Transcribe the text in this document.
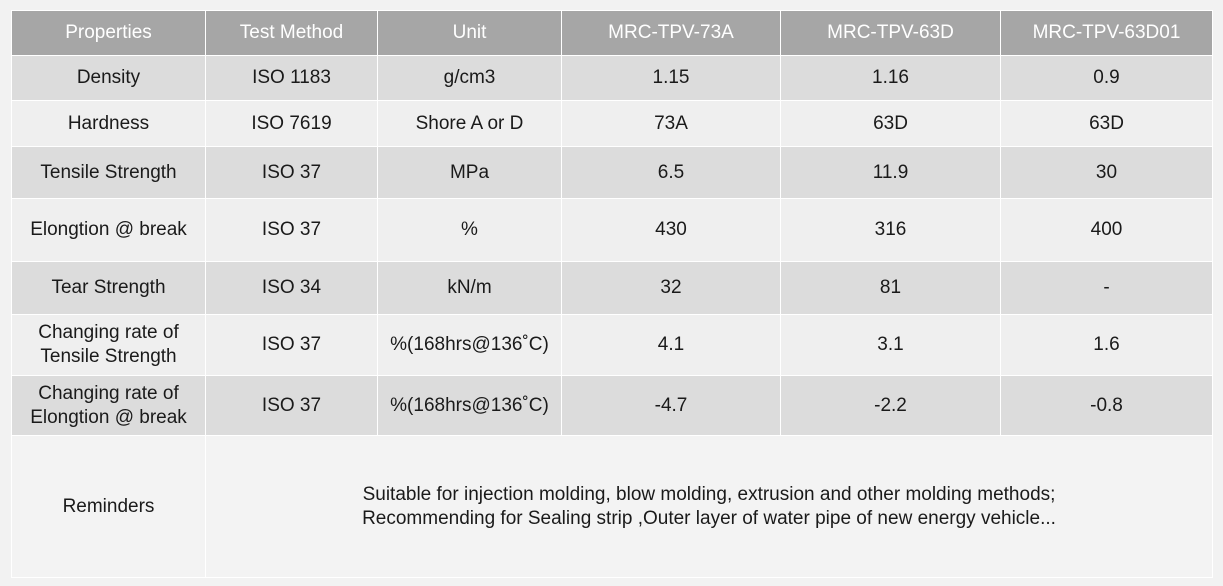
Properties	Test Method	Unit	MRC-TPV-73A	MRC-TPV-63D	MRC-TPV-63D01
Density	ISO 1183	g/cm3	1.15	1.16	0.9
Hardness	ISO 7619	Shore A or D	73A	63D	63D
Tensile Strength	ISO 37	MPa	6.5	11.9	30
Elongtion @ break	ISO 37	%	430	316	400
Tear Strength	ISO 34	kN/m	32	81	-
Changing rate of
Tensile Strength	ISO 37	%(168hrs@136˚C)	4.1	3.1	1.6
Changing rate of
Elongtion @ break	ISO 37	%(168hrs@136˚C)	-4.7	-2.2	-0.8
Reminders	Suitable for injection molding, blow molding, extrusion and other molding methods;
Recommending for Sealing strip ,Outer layer of water pipe of new energy vehicle...				
